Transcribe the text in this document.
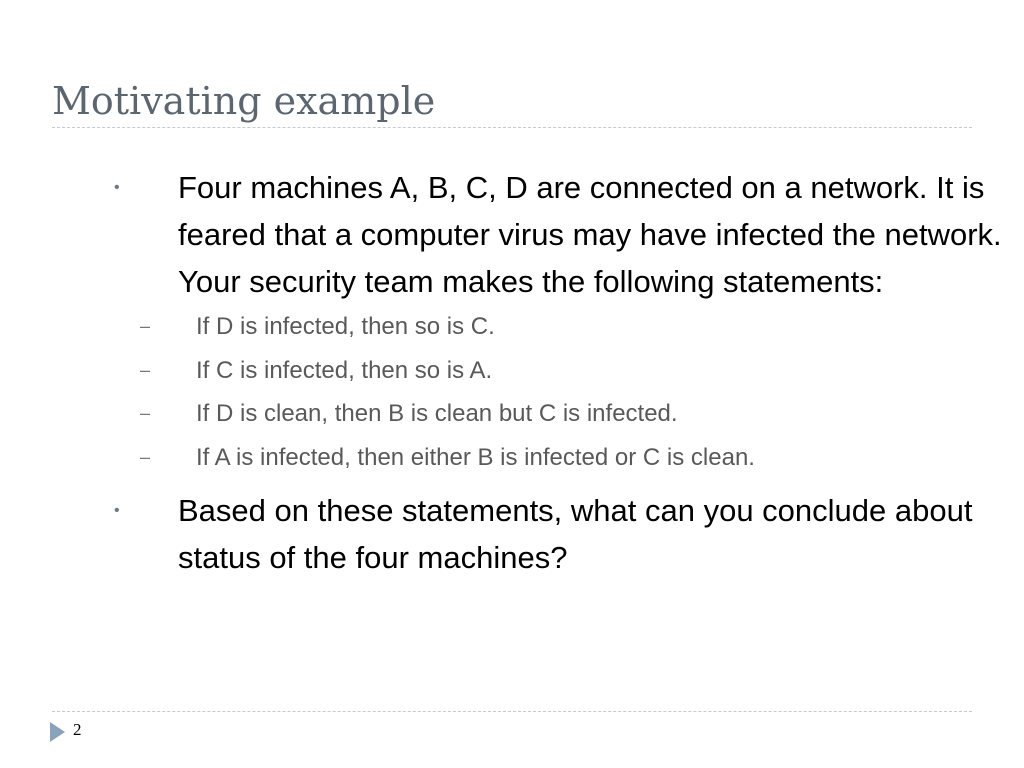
Motivating example
• Four machines A, B, C, D are connected on a network. It is feared that a computer virus may have infected the network. Your security team makes the following statements:
– If D is infected, then so is C.
– If C is infected, then so is A.
– If D is clean, then B is clean but C is infected.
– If A is infected, then either B is infected or C is clean.
• Based on these statements, what can you conclude about status of the four machines?
2
